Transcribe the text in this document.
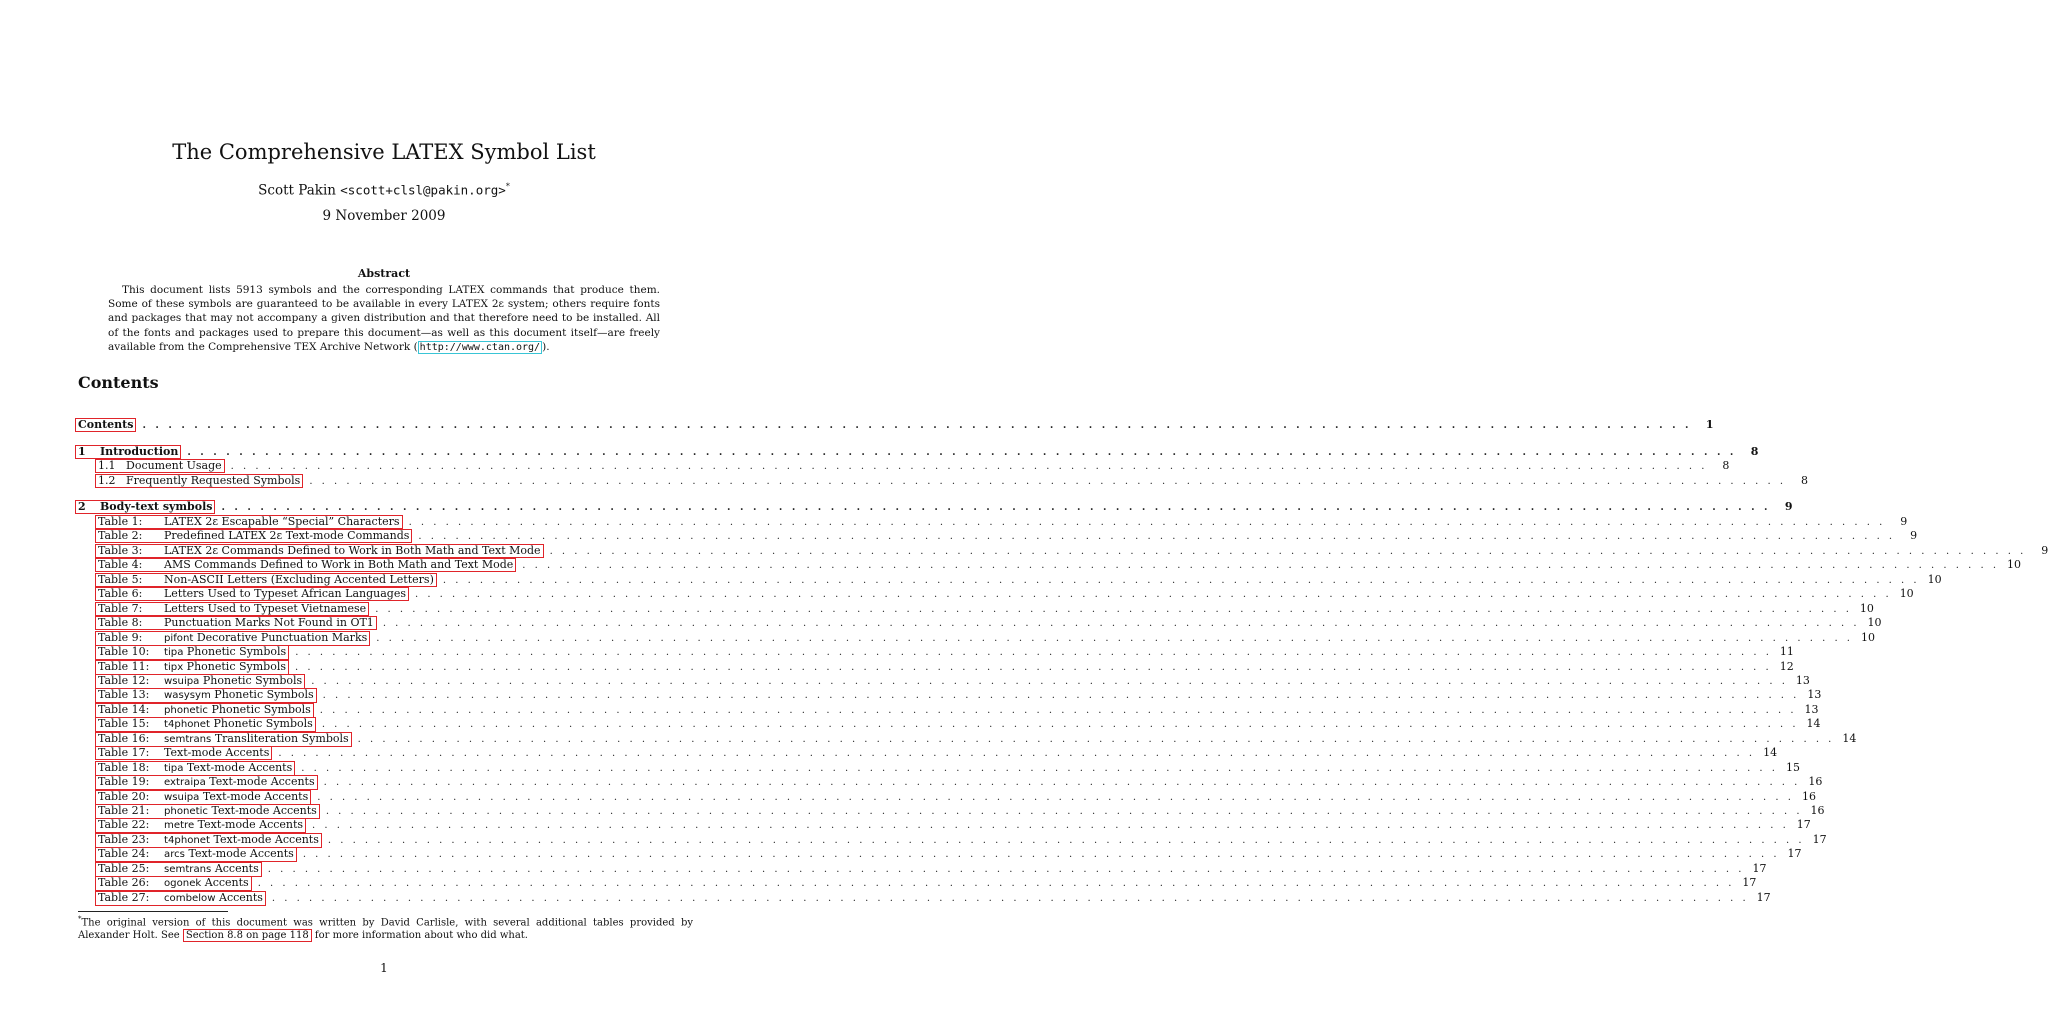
The Comprehensive LATEX Symbol List
Scott Pakin <scott+clsl@pakin.org>*
9 November 2009
Abstract
This document lists 5913 symbols and the corresponding LATEX commands that produce them. Some of these symbols are guaranteed to be available in every LATEX 2ε system; others require fonts and packages that may not accompany a given distribution and that therefore need to be installed. All of the fonts and packages used to prepare this document—as well as this document itself—are freely available from the Comprehensive TEX Archive Network ( http://www.ctan.org/ ).
Contents
Contents . . . . . . . . . . . . . . . . . . . . . . . . . . . . . . . . . . . . . . . . . . . . . . . . . . . . . . . . . . . . . . . . . . . . . . . . . . . . . . . . . . . . . . . . . . . . . . . . . . . . . . . . . . . . . . . . . . . . . . . .	1
1 Introduction . . . . . . . . . . . . . . . . . . . . . . . . . . . . . . . . . . . . . . . . . . . . . . . . . . . . . . . . . . . . . . . . . . . . . . . . . . . . . . . . . . . . . . . . . . . . . . . . . . . . . . . . . . . . . . . . . . . . . . . .	8
1.1 Document Usage . . . . . . . . . . . . . . . . . . . . . . . . . . . . . . . . . . . . . . . . . . . . . . . . . . . . . . . . . . . . . . . . . . . . . . . . . . . . . . . . . . . . . . . . . . . . . . . . . . . . . . . . . . . . . . . . . . . . . . . .	8
1.2 Frequently Requested Symbols . . . . . . . . . . . . . . . . . . . . . . . . . . . . . . . . . . . . . . . . . . . . . . . . . . . . . . . . . . . . . . . . . . . . . . . . . . . . . . . . . . . . . . . . . . . . . . . . . . . . . . . . . . . . . . . . . . . . . . . .	8
2 Body-text symbols . . . . . . . . . . . . . . . . . . . . . . . . . . . . . . . . . . . . . . . . . . . . . . . . . . . . . . . . . . . . . . . . . . . . . . . . . . . . . . . . . . . . . . . . . . . . . . . . . . . . . . . . . . . . . . . . . . . . . . . .	9
Table 1: LATEX 2ε Escapable “Special” Characters . . . . . . . . . . . . . . . . . . . . . . . . . . . . . . . . . . . . . . . . . . . . . . . . . . . . . . . . . . . . . . . . . . . . . . . . . . . . . . . . . . . . . . . . . . . . . . . . . . . . . . . . . . . . . . . . . . . . . . . .	9
Table 2: Predefined LATEX 2ε Text-mode Commands . . . . . . . . . . . . . . . . . . . . . . . . . . . . . . . . . . . . . . . . . . . . . . . . . . . . . . . . . . . . . . . . . . . . . . . . . . . . . . . . . . . . . . . . . . . . . . . . . . . . . . . . . . . . . . . . . . . . . . . .	9
Table 3: LATEX 2ε Commands Defined to Work in Both Math and Text Mode . . . . . . . . . . . . . . . . . . . . . . . . . . . . . . . . . . . . . . . . . . . . . . . . . . . . . . . . . . . . . . . . . . . . . . . . . . . . . . . . . . . . . . . . . . . . . . . . . . . . . . . . . . . . . . . . . . . . . . . .	9
Table 4: AMS Commands Defined to Work in Both Math and Text Mode . . . . . . . . . . . . . . . . . . . . . . . . . . . . . . . . . . . . . . . . . . . . . . . . . . . . . . . . . . . . . . . . . . . . . . . . . . . . . . . . . . . . . . . . . . . . . . . . . . . . . . . . . . . . . . . . . . . . . . . . 10
Table 5: Non-ASCII Letters (Excluding Accented Letters) . . . . . . . . . . . . . . . . . . . . . . . . . . . . . . . . . . . . . . . . . . . . . . . . . . . . . . . . . . . . . . . . . . . . . . . . . . . . . . . . . . . . . . . . . . . . . . . . . . . . . . . . . . . . . . . . . . . . . . . . 10
Table 6: Letters Used to Typeset African Languages . . . . . . . . . . . . . . . . . . . . . . . . . . . . . . . . . . . . . . . . . . . . . . . . . . . . . . . . . . . . . . . . . . . . . . . . . . . . . . . . . . . . . . . . . . . . . . . . . . . . . . . . . . . . . . . . . . . . . . . . 10
Table 7: Letters Used to Typeset Vietnamese . . . . . . . . . . . . . . . . . . . . . . . . . . . . . . . . . . . . . . . . . . . . . . . . . . . . . . . . . . . . . . . . . . . . . . . . . . . . . . . . . . . . . . . . . . . . . . . . . . . . . . . . . . . . . . . . . . . . . . . . 10
Table 8: Punctuation Marks Not Found in OT1 . . . . . . . . . . . . . . . . . . . . . . . . . . . . . . . . . . . . . . . . . . . . . . . . . . . . . . . . . . . . . . . . . . . . . . . . . . . . . . . . . . . . . . . . . . . . . . . . . . . . . . . . . . . . . . . . . . . . . . . . 10
Table 9: pifont Decorative Punctuation Marks . . . . . . . . . . . . . . . . . . . . . . . . . . . . . . . . . . . . . . . . . . . . . . . . . . . . . . . . . . . . . . . . . . . . . . . . . . . . . . . . . . . . . . . . . . . . . . . . . . . . . . . . . . . . . . . . . . . . . . . . 10
Table 10: tipa Phonetic Symbols . . . . . . . . . . . . . . . . . . . . . . . . . . . . . . . . . . . . . . . . . . . . . . . . . . . . . . . . . . . . . . . . . . . . . . . . . . . . . . . . . . . . . . . . . . . . . . . . . . . . . . . . . . . . . . . . . . . . . . . . 11
Table 11: tipx Phonetic Symbols . . . . . . . . . . . . . . . . . . . . . . . . . . . . . . . . . . . . . . . . . . . . . . . . . . . . . . . . . . . . . . . . . . . . . . . . . . . . . . . . . . . . . . . . . . . . . . . . . . . . . . . . . . . . . . . . . . . . . . . . 12
Table 12: wsuipa Phonetic Symbols . . . . . . . . . . . . . . . . . . . . . . . . . . . . . . . . . . . . . . . . . . . . . . . . . . . . . . . . . . . . . . . . . . . . . . . . . . . . . . . . . . . . . . . . . . . . . . . . . . . . . . . . . . . . . . . . . . . . . . . . 13
Table 13: wasysym Phonetic Symbols . . . . . . . . . . . . . . . . . . . . . . . . . . . . . . . . . . . . . . . . . . . . . . . . . . . . . . . . . . . . . . . . . . . . . . . . . . . . . . . . . . . . . . . . . . . . . . . . . . . . . . . . . . . . . . . . . . . . . . . . 13
Table 14: phonetic Phonetic Symbols . . . . . . . . . . . . . . . . . . . . . . . . . . . . . . . . . . . . . . . . . . . . . . . . . . . . . . . . . . . . . . . . . . . . . . . . . . . . . . . . . . . . . . . . . . . . . . . . . . . . . . . . . . . . . . . . . . . . . . . . 13
Table 15: t4phonet Phonetic Symbols . . . . . . . . . . . . . . . . . . . . . . . . . . . . . . . . . . . . . . . . . . . . . . . . . . . . . . . . . . . . . . . . . . . . . . . . . . . . . . . . . . . . . . . . . . . . . . . . . . . . . . . . . . . . . . . . . . . . . . . . 14
Table 16: semtrans Transliteration Symbols . . . . . . . . . . . . . . . . . . . . . . . . . . . . . . . . . . . . . . . . . . . . . . . . . . . . . . . . . . . . . . . . . . . . . . . . . . . . . . . . . . . . . . . . . . . . . . . . . . . . . . . . . . . . . . . . . . . . . . . . 14
Table 17: Text-mode Accents . . . . . . . . . . . . . . . . . . . . . . . . . . . . . . . . . . . . . . . . . . . . . . . . . . . . . . . . . . . . . . . . . . . . . . . . . . . . . . . . . . . . . . . . . . . . . . . . . . . . . . . . . . . . . . . . . . . . . . . . 14
Table 18: tipa Text-mode Accents . . . . . . . . . . . . . . . . . . . . . . . . . . . . . . . . . . . . . . . . . . . . . . . . . . . . . . . . . . . . . . . . . . . . . . . . . . . . . . . . . . . . . . . . . . . . . . . . . . . . . . . . . . . . . . . . . . . . . . . . 15
Table 19: extraipa Text-mode Accents . . . . . . . . . . . . . . . . . . . . . . . . . . . . . . . . . . . . . . . . . . . . . . . . . . . . . . . . . . . . . . . . . . . . . . . . . . . . . . . . . . . . . . . . . . . . . . . . . . . . . . . . . . . . . . . . . . . . . . . . 16
Table 20: wsuipa Text-mode Accents . . . . . . . . . . . . . . . . . . . . . . . . . . . . . . . . . . . . . . . . . . . . . . . . . . . . . . . . . . . . . . . . . . . . . . . . . . . . . . . . . . . . . . . . . . . . . . . . . . . . . . . . . . . . . . . . . . . . . . . . 16
Table 21: phonetic Text-mode Accents . . . . . . . . . . . . . . . . . . . . . . . . . . . . . . . . . . . . . . . . . . . . . . . . . . . . . . . . . . . . . . . . . . . . . . . . . . . . . . . . . . . . . . . . . . . . . . . . . . . . . . . . . . . . . . . . . . . . . . . . 16
Table 22: metre Text-mode Accents . . . . . . . . . . . . . . . . . . . . . . . . . . . . . . . . . . . . . . . . . . . . . . . . . . . . . . . . . . . . . . . . . . . . . . . . . . . . . . . . . . . . . . . . . . . . . . . . . . . . . . . . . . . . . . . . . . . . . . . . 17
Table 23: t4phonet Text-mode Accents . . . . . . . . . . . . . . . . . . . . . . . . . . . . . . . . . . . . . . . . . . . . . . . . . . . . . . . . . . . . . . . . . . . . . . . . . . . . . . . . . . . . . . . . . . . . . . . . . . . . . . . . . . . . . . . . . . . . . . . . 17
Table 24: arcs Text-mode Accents . . . . . . . . . . . . . . . . . . . . . . . . . . . . . . . . . . . . . . . . . . . . . . . . . . . . . . . . . . . . . . . . . . . . . . . . . . . . . . . . . . . . . . . . . . . . . . . . . . . . . . . . . . . . . . . . . . . . . . . . 17
Table 25: semtrans Accents . . . . . . . . . . . . . . . . . . . . . . . . . . . . . . . . . . . . . . . . . . . . . . . . . . . . . . . . . . . . . . . . . . . . . . . . . . . . . . . . . . . . . . . . . . . . . . . . . . . . . . . . . . . . . . . . . . . . . . . . 17
Table 26: ogonek Accents . . . . . . . . . . . . . . . . . . . . . . . . . . . . . . . . . . . . . . . . . . . . . . . . . . . . . . . . . . . . . . . . . . . . . . . . . . . . . . . . . . . . . . . . . . . . . . . . . . . . . . . . . . . . . . . . . . . . . . . . 17
Table 27: combelow Accents . . . . . . . . . . . . . . . . . . . . . . . . . . . . . . . . . . . . . . . . . . . . . . . . . . . . . . . . . . . . . . . . . . . . . . . . . . . . . . . . . . . . . . . . . . . . . . . . . . . . . . . . . . . . . . . . . . . . . . . . 17
*The original version of this document was written by David Carlisle, with several additional tables provided by Alexander Holt. See Section 8.8 on page 118 for more information about who did what.
1
